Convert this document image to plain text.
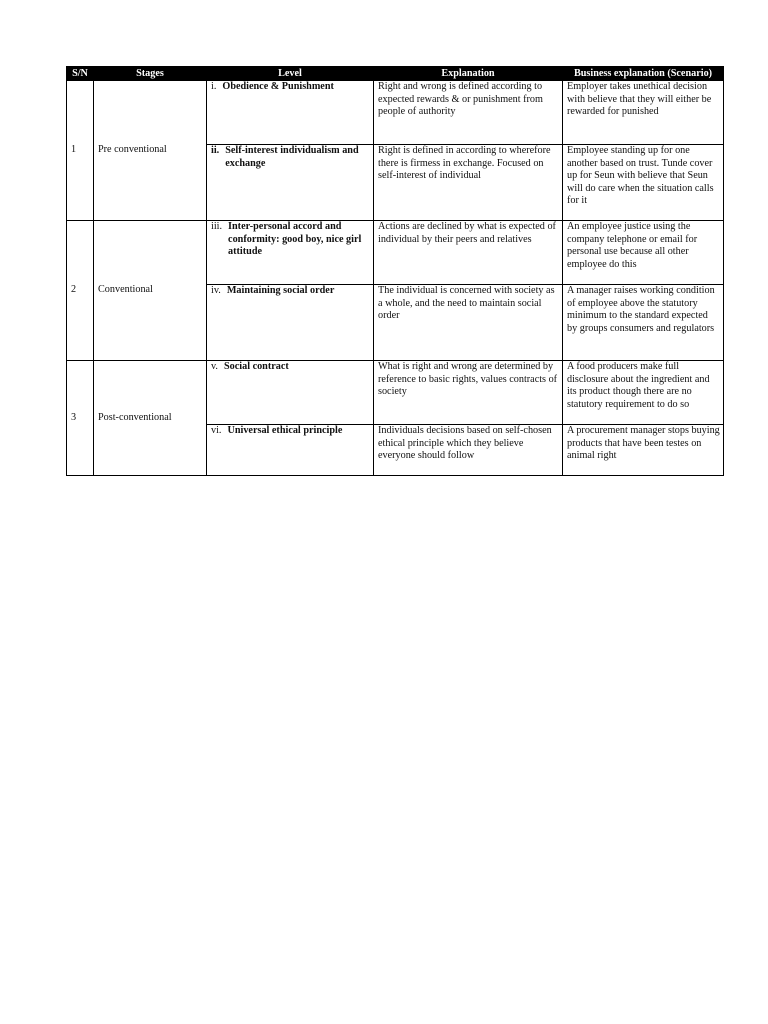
S/N	Stages	Level	Explanation	Business explanation (Scenario)
1	Pre conventional	i. Obedience & Punishment	Right and wrong is defined according to expected rewards & or punishment from people of authority	Employer takes unethical decision with believe that they will either be rewarded for punished

		ii. Self-interest individualism and exchange	Right is defined in according to wherefore there is firmess in exchange. Focused on self-interest of individual	Employee standing up for one another based on trust. Tunde cover up for Seun with believe that Seun will do care when the situation calls for it
2	Conventional	iii. Inter-personal accord and conformity: good boy, nice girl attitude	Actions are declined by what is expected of individual by their peers and relatives	An employee justice using the company telephone or email for personal use because all other employee do this

		iv. Maintaining social order	The individual is concerned with society as a whole, and the need to maintain social order	A manager raises working condition of employee above the statutory minimum to the standard expected by groups consumers and regulators
3	Post-conventional	v. Social contract	What is right and wrong are determined by reference to basic rights, values contracts of society	A food producers make full disclosure about the ingredient and its product though there are no statutory requirement to do so

		vi. Universal ethical principle	Individuals decisions based on self-chosen ethical principle which they believe everyone should follow	A procurement manager stops buying products that have been testes on animal right
